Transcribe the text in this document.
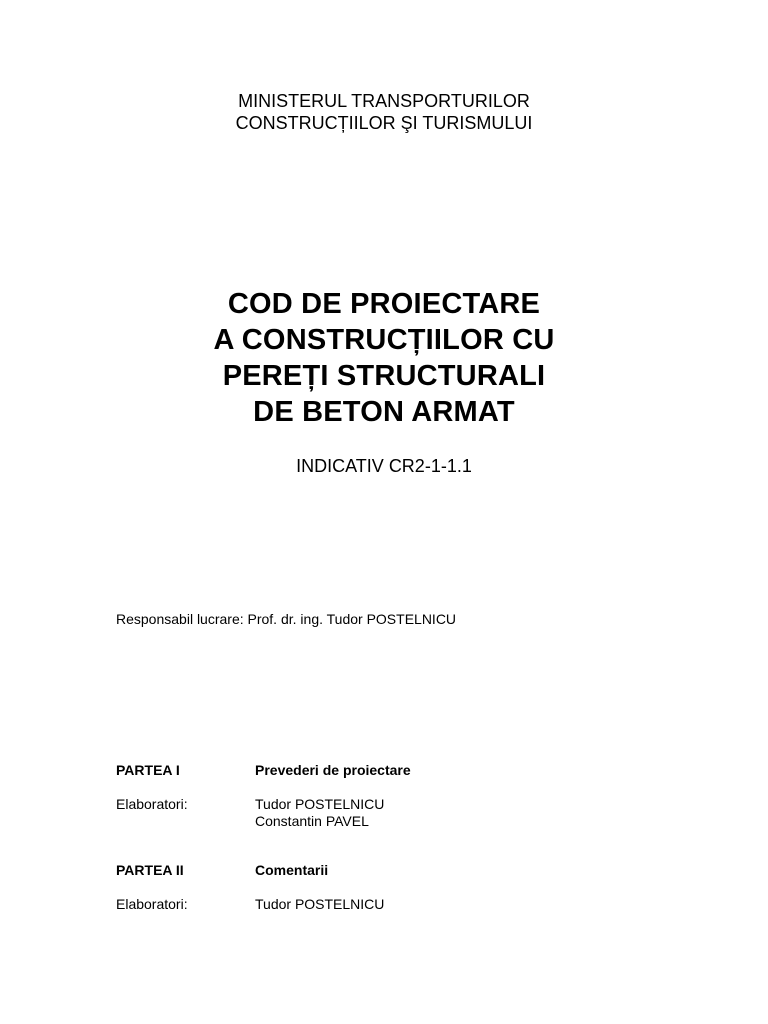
MINISTERUL TRANSPORTURILOR
CONSTRUCȚIILOR ŞI TURISMULUI
COD DE PROIECTARE
A CONSTRUCȚIILOR CU
PEREȚI STRUCTURALI
DE BETON ARMAT
INDICATIV CR2-1-1.1
Responsabil lucrare: Prof. dr. ing. Tudor POSTELNICU
PARTEA I	Prevederi de proiectare
Elaboratori:	Tudor POSTELNICU
Constantin PAVEL
PARTEA II	Comentarii
Elaboratori:	Tudor POSTELNICU
